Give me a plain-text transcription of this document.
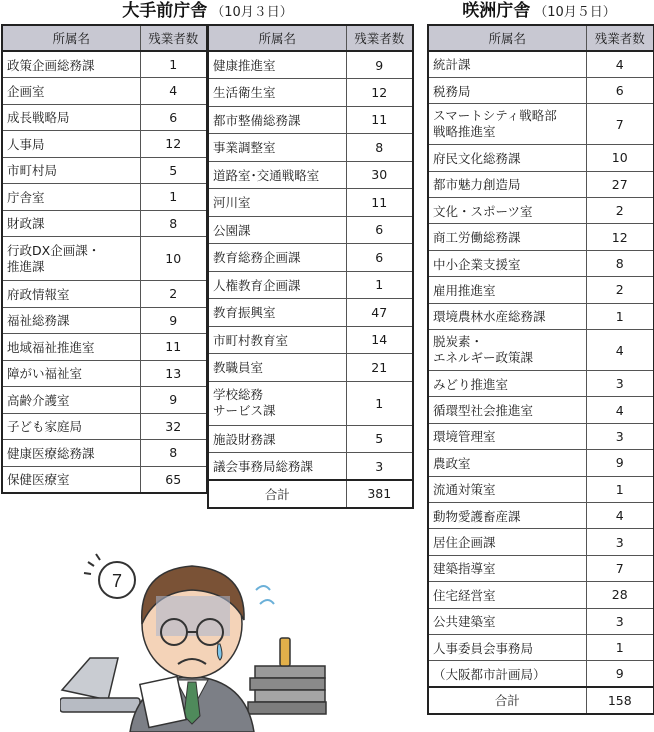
大手前庁舎 （10月３日）	咲洲庁舎 （10月５日）
所属名	残業者数
政策企画総務課	1
企画室	4
成長戦略局	6
人事局	12
市町村局	5
庁舎室	1
財政課	8
行政DX企画課・
推進課	10
府政情報室	2
福祉総務課	9
地域福祉推進室	11
障がい福祉室	13
高齢介護室	9
子ども家庭局	32
健康医療総務課	8
保健医療室	65
所属名	残業者数
健康推進室	9
生活衛生室	12
都市整備総務課	11
事業調整室	8
道路室･交通戦略室	30
河川室	11
公園課	6
教育総務企画課	6
人権教育企画課	1
教育振興室	47
市町村教育室	14
教職員室	21
学校総務
サービス課	1
施設財務課	5
議会事務局総務課	3
合計	381
所属名	残業者数
統計課	4
税務局	6
スマートシティ戦略部
戦略推進室	7
府民文化総務課	10
都市魅力創造局	27
文化・スポーツ室	2
商工労働総務課	12
中小企業支援室	8
雇用推進室	2
環境農林水産総務課	1
脱炭素・
エネルギー政策課	4
みどり推進室	3
循環型社会推進室	4
環境管理室	3
農政室	9
流通対策室	1
動物愛護畜産課	4
居住企画課	3
建築指導室	7
住宅経営室	28
公共建築室	3
人事委員会事務局	1
（大阪都市計画局）	9
合計	158
7
